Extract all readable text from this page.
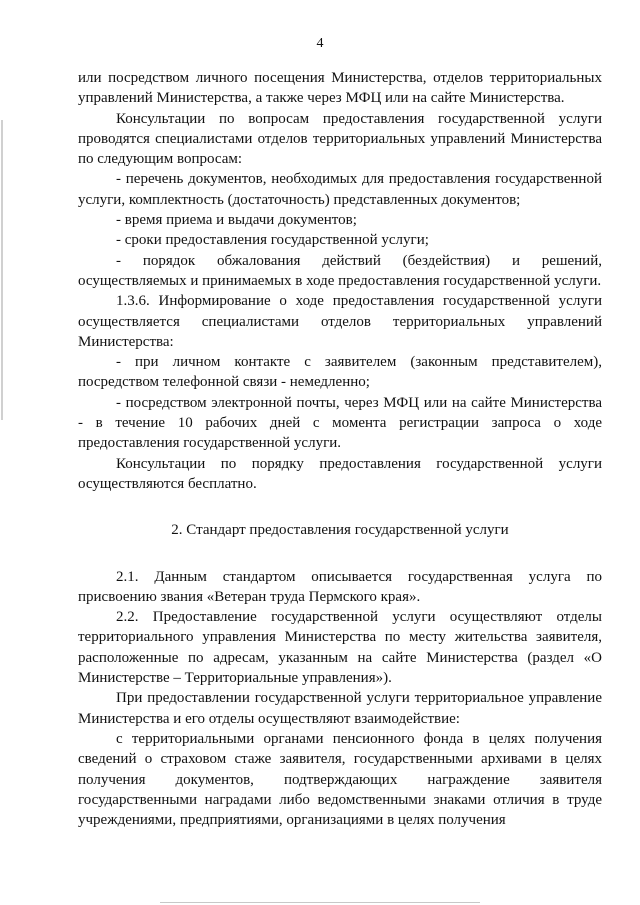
4

или посредством личного посещения Министерства, отделов территориальных управлений Министерства, а также через МФЦ или на сайте Министерства.

Консультации по вопросам предоставления государственной услуги проводятся специалистами отделов территориальных управлений Министерства по следующим вопросам:

- перечень документов, необходимых для предоставления государственной услуги, комплектность (достаточность) представленных документов;

- время приема и выдачи документов;

- сроки предоставления государственной услуги;

- порядок обжалования действий (бездействия) и решений, осуществляемых и принимаемых в ходе предоставления государственной услуги.

1.3.6. Информирование о ходе предоставления государственной услуги осуществляется специалистами отделов территориальных управлений Министерства:

- при личном контакте с заявителем (законным представителем), посредством телефонной связи - немедленно;

- посредством электронной почты, через МФЦ или на сайте Министерства - в течение 10 рабочих дней с момента регистрации запроса о ходе предоставления государственной услуги.

Консультации по порядку предоставления государственной услуги осуществляются бесплатно.

2. Стандарт предоставления государственной услуги

2.1. Данным стандартом описывается государственная услуга по присвоению звания «Ветеран труда Пермского края».

2.2. Предоставление государственной услуги осуществляют отделы территориального управления Министерства по месту жительства заявителя, расположенные по адресам, указанным на сайте Министерства (раздел «О Министерстве – Территориальные управления»).

При предоставлении государственной услуги территориальное управление Министерства и его отделы осуществляют взаимодействие:

с территориальными органами пенсионного фонда в целях получения сведений о страховом стаже заявителя, государственными архивами в целях получения документов, подтверждающих награждение заявителя государственными наградами либо ведомственными знаками отличия в труде учреждениями, предприятиями, организациями в целях получения
